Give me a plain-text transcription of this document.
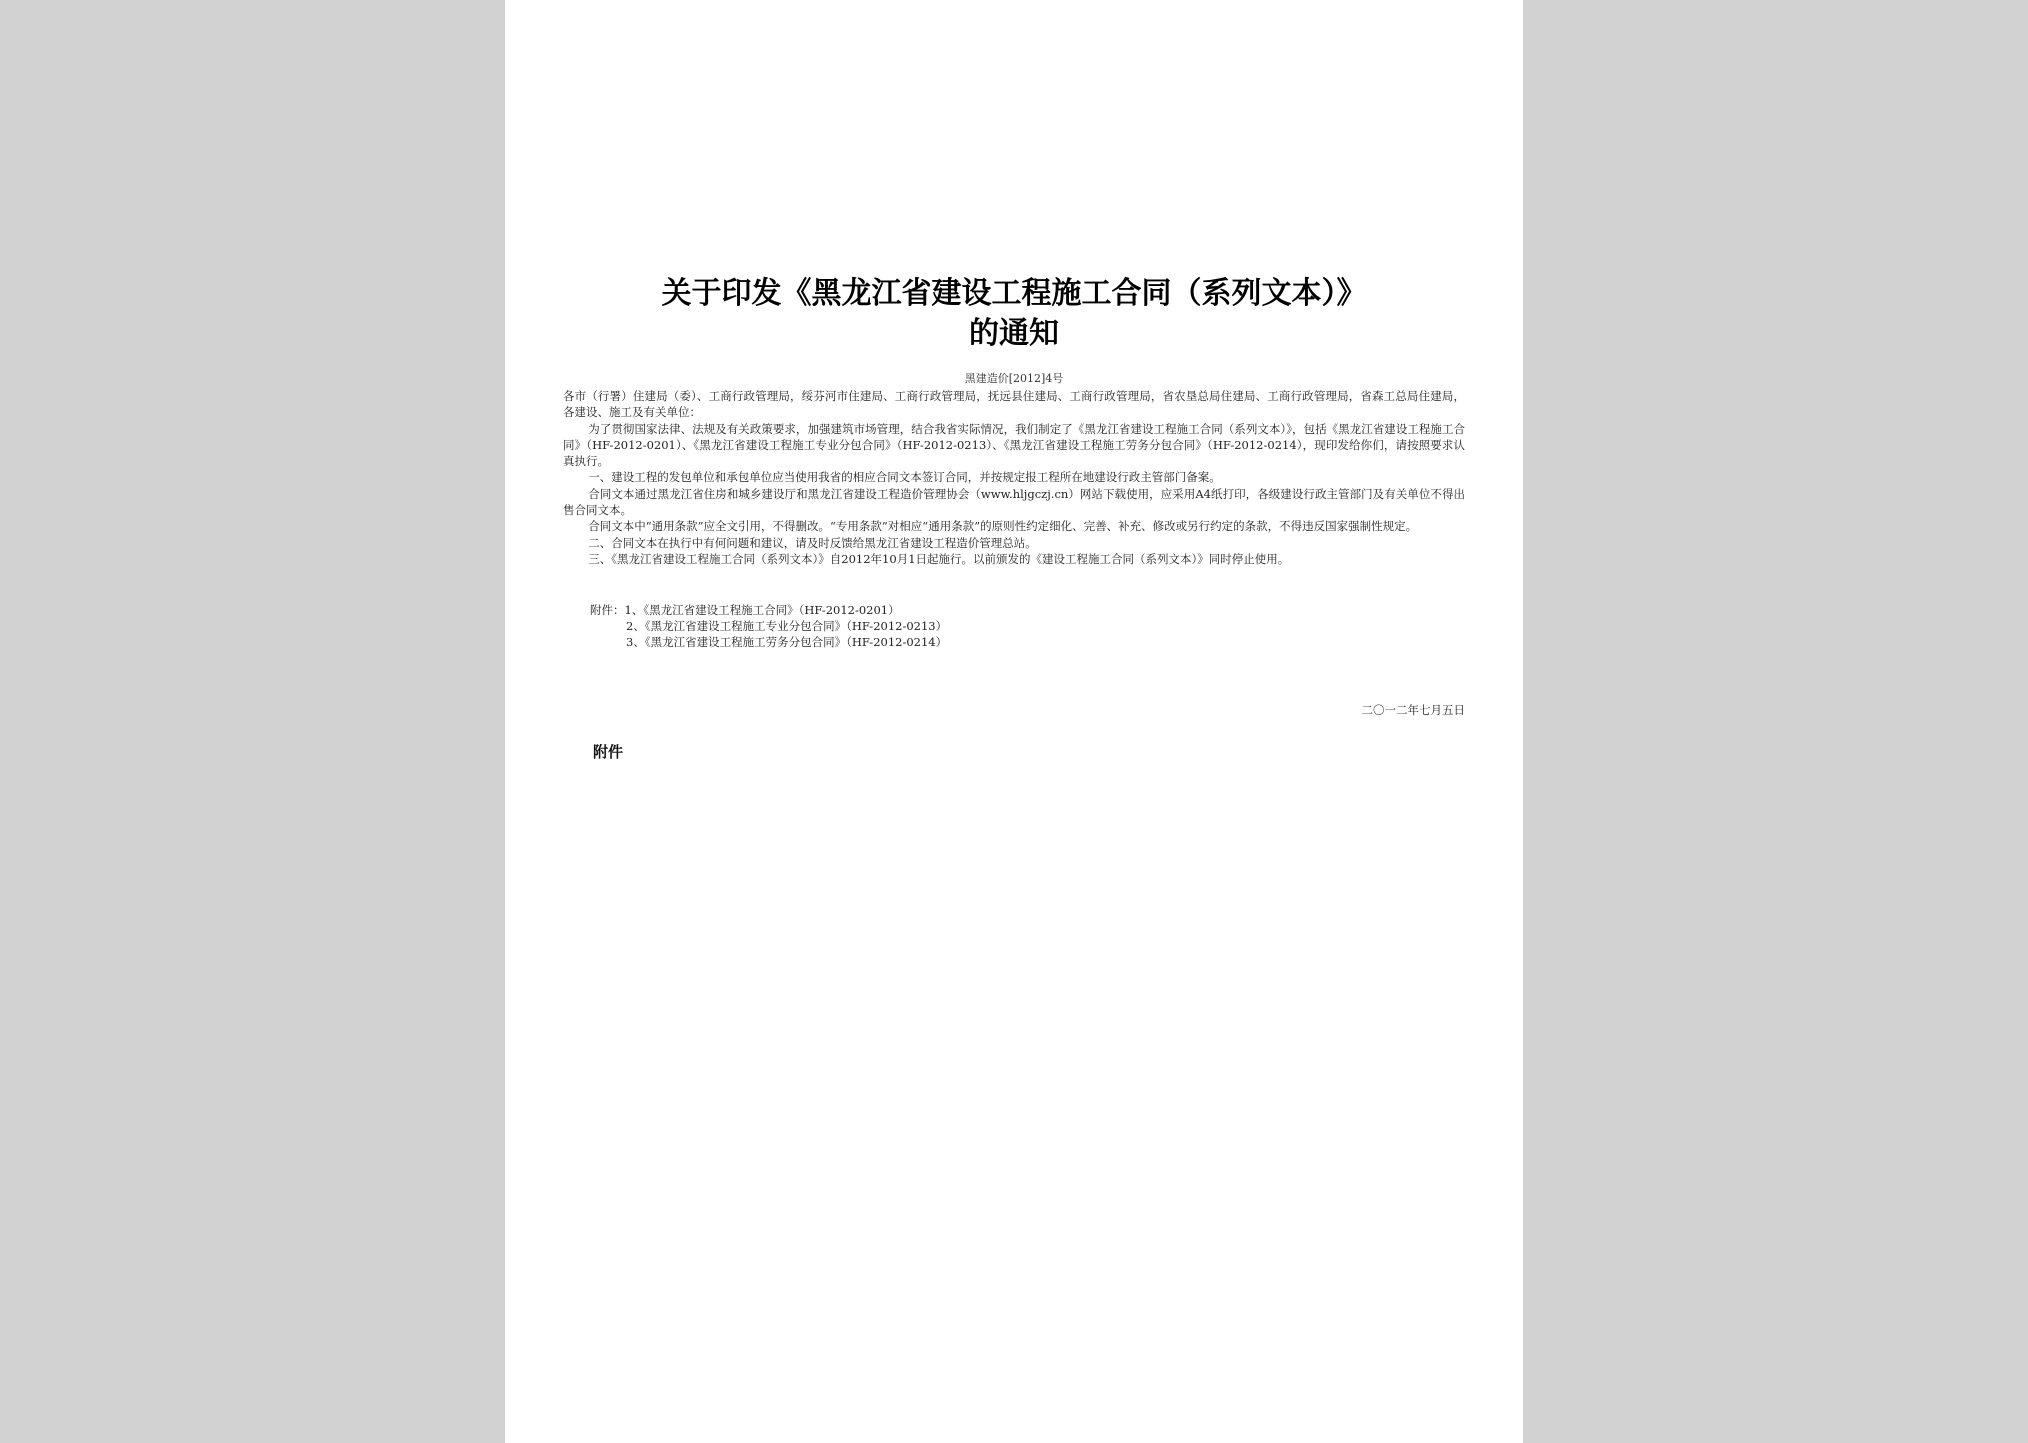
关于印发《黑龙江省建设工程施工合同（系列文本）》
的通知
黑建造价[2012]4号

各市（行署）住建局（委）、工商行政管理局，绥芬河市住建局、工商行政管理局，抚远县住建局、工商行政管理局，省农垦总局住建局、工商行政管理局，省森工总局住建局，各建设、施工及有关单位：

为了贯彻国家法律、法规及有关政策要求，加强建筑市场管理，结合我省实际情况，我们制定了《黑龙江省建设工程施工合同（系列文本）》，包括《黑龙江省建设工程施工合同》（HF-2012-0201）、《黑龙江省建设工程施工专业分包合同》（HF-2012-0213）、《黑龙江省建设工程施工劳务分包合同》（HF-2012-0214），现印发给你们，请按照要求认真执行。

一、建设工程的发包单位和承包单位应当使用我省的相应合同文本签订合同，并按规定报工程所在地建设行政主管部门备案。

合同文本通过黑龙江省住房和城乡建设厅和黑龙江省建设工程造价管理协会（www.hljgczj.cn）网站下载使用，应采用A4纸打印，各级建设行政主管部门及有关单位不得出售合同文本。

合同文本中“通用条款”应全文引用，不得删改。“专用条款”对相应“通用条款”的原则性约定细化、完善、补充、修改或另行约定的条款，不得违反国家强制性规定。

二、合同文本在执行中有何问题和建议，请及时反馈给黑龙江省建设工程造价管理总站。

三、《黑龙江省建设工程施工合同（系列文本）》自2012年10月1日起施行。以前颁发的《建设工程施工合同（系列文本）》同时停止使用。

附件：1、《黑龙江省建设工程施工合同》（HF-2012-0201）
2、《黑龙江省建设工程施工专业分包合同》（HF-2012-0213）
3、《黑龙江省建设工程施工劳务分包合同》（HF-2012-0214）
二〇一二年七月五日
附件
